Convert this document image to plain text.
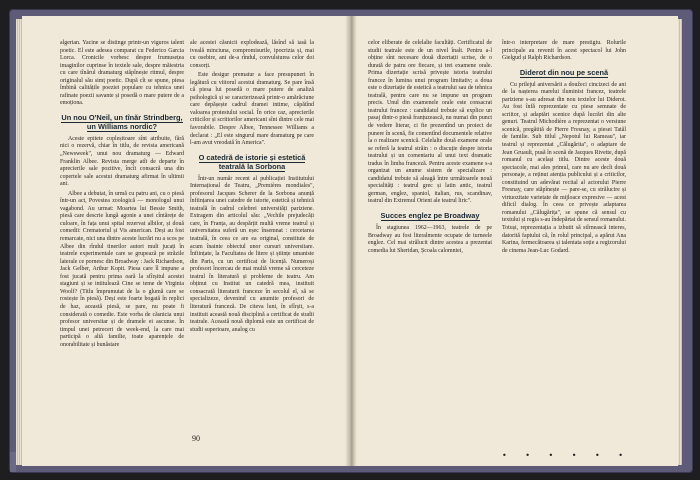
algerian. Yacine se distinge printr-un viguros talent poetic. El este adesea comparat cu Federico Garcia Lorca. Cronicile vorbesc despre frumusețea imaginilor cuprinse în textele sale, despre măiestria cu care tînărul dramaturg stăpînește ritmul, despre originalul său simț poetic. După cît se spune, piesa îmbină calitățile poeziei populare cu tehnica unei rafinate poezii savante și posedă o mare putere de a emoționa.

Un nou O'Neil, un tînăr Strindberg, un Williams nordic?

Aceste epitete copleșitoare sînt atribuite, fără nici o rezervă, chiar în titlu, de revista americană „Newsweek", unui nou dramaturg — Edward Franklin Albee. Revista merge atît de departe în aprecierile sale pozitive, încît consacră una din copertele sale acestui dramaturg afirmat în ultimii ani.

Albee a debutat, în urmă cu patru ani, cu o piesă într-un act, Povestea zoologică — monologul unui vagabond. Au urmat: Moartea lui Bessie Smith, piesă care descrie lungă agonie a unei cîntărețe de culoare, în fața unui spital rezervat albilor, și două comedii: Crematoriul și Vis american. Deși au fost remarcate, nici una dintre aceste lucrări nu a scos pe Albee din rîndul tinerilor autori mult jucați în teatrele experimentale care se grupează pe străzile laterale ce pornesc din Broadway : Jack Richardson, Jack Gelber, Arthur Kopit. Piesa care îl impune a fost jucată pentru prima oară la sfîrșitul acestei stagiuni și se intitulează Cine se teme de Virginia Woolf? (Titlu împrumutat de la o glumă care se rostește în piesă). Deși este foarte bogată în replici de haz, această piesă, se pare, nu poate fi considerată o comedie. Este vorba de căsnicia unui profesor universitar și de dramele ei ascunse. În timpul unei petreceri de week-end, la care mai participă o altă familie, toate aparențele de onorabilitate și bunăstare

ale acestei căsnicii explodează, lăsînd să iasă la iveală minciuna, compromisurile, ipocrizia și, mai cu osebire, ani de-a rîndul, convulsiurea celor doi consorți.

Este desigur prematur a face presupuneri în legătură cu viitorul acestui dramaturg. Se pare însă că piesa lui posedă o mare putere de analiză psihologică și se caracterizează printr-o amărăciune care depășește cadrul dramei intime, căpătînd valoarea protestului social. În orice caz, aprecierile criticilor și scriitorilor americani sînt dintre cele mai favorabile. Despre Albee, Tennessee Williams a declarat : „El este singurul mare dramaturg pe care l-am avut vreodată în America".

O catedră de istorie și estetică teatrală la Sorbona

Într-un număr recent al publicației Institutului Internațional de Teatru, „Premières mondiales", profesorul Jacques Scherer de la Sorbona anunță înființarea unei catedre de istorie, estetică și tehnică teatrală în cadrul celebrei universități pariziene. Extragem din articolul său: „Vechile prejudecăți care, în Franța, au despărțit multă vreme teatrul și universitatea suferă un eșec însemnat : cercetarea teatrală, în ceea ce are ea original, constituie de acum înainte obiectul unor cursuri universitare. Înființate, la Facultatea de litere și științe umaniste din Paris, cu un certificat de licență. Numeroși profesori încercau de mai multă vreme să cerceteze teatrul în literatură și probleme de teatru. Am obținut cu Institut un catedră mea, instituit consacrată literaturii franceze în secolul el, să se specializeze, devenind cu anumite profesori de literatură franceză. De citeva luni, în sfîrșit, s-a instituit această nouă disciplină a certificat de studii teatrale. Această nouă diplomă este un certificat de studii superioare, analog cu

90

celor eliberate de celelalte facultăți. Certificatul de studii teatrale este de un nivel înalt. Pentru a-l obține sînt necesare două dizertații scrise, de o durată de patru ore fiecare, și trei examene orale. Prima dizertație scrisă privește istoria teatrului francez în lumina unui program limitativ; a doua este o dizertație de estetică a teatrului sau de tehnica teatrală, pentru care nu se impune un program precis. Unul din examenele orale este consacrat teatrului francez : candidatul trebuie să explice un pasaj dintr-o piesă franțuzească, nu numai din punct de vedere literar, ci fie prezentînd un proiect de punere în scenă, fie comentînd documentele relative la o realizare scenică. Celelalte două examene orale se referă la teatrul străin : o discuție despre istoria teatrului și un comentariu al unui text dramatic tradus în limba franceză. Pentru aceste examene s-a organizat un anume sistem de specializare : candidatul trebuie să aleagă între următoarele nouă specialități : teatrul grec și latin antic, teatrul german, englez, spaniol, italian, rus, scandinav, teatrul din Extremul Orient ale teatrul liric".

Succes englez pe Broadway

În stagiunea 1962—1963, teatrele de pe Broadway au fost literalmente ocupate de turneele englez. Cel mai strălucit dintre acestea a prezentat comedia lui Sheridan, Școala calomniei,

într-o interpretare de mare prestigiu. Rolurile principale au revenit în acest spectacol lui John Gielgud și Ralph Richardson.

Diderot din nou pe scenă

Cu prilejul aniversării a doužeci cincizeci de ani de la nașterea marelui iluminist francez, teatrele pariziene s-au adresat din nou textelor lui Diderot. Au fost înfă reprezentate cu piese semnate de scriitor, și adaptări scenice după lucrări din alte genuri. Teatrul Michodière a reprezentat o versiune scenică, pregătită de Pierre Fresnay, a piesei Tatăl de familie. Sub titlul „Nepotul lui Rameau", iar teatrul și reprezentat „Călugărita", o adaptare de Jean Gruault, pusă în scenă de Jacques Rivette, după romanul cu același titlu. Dintre aceste două spectacole, mai ales primul, care nu are decît două personaje, a reținut atenția publicului și a criticilor, constituind un adevărat recital al actorului Pierre Fresnay, care stăpînește — pare-se, cu strălucire și virtuozitate varietate de mijloace expresive — acest dificil dialog. În ceea ce privește adaptarea romanului „Călugărița", se spune că sensul cu textului și regia s-au îndepărtat de sensul romanului. Totuși, reprezentația a izbutit să stîrnească interes, datorită faptului că, în rolul principal, a apărut Ana Karina, fermecătoarea și talentata soție a regizorului de cinema Jean-Luc Godard.

• • • • • •
